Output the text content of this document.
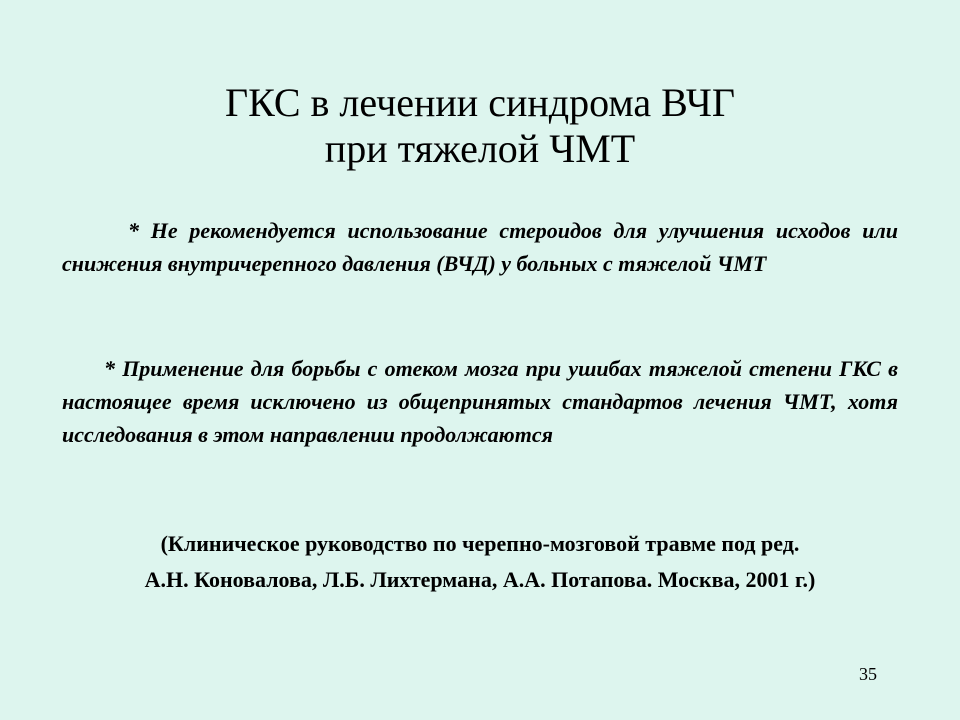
ГКС в лечении синдрома ВЧГ
при тяжелой ЧМТ

* Не рекомендуется использование стероидов для улучшения исходов или снижения внутричерепного давления (ВЧД) у больных с тяжелой ЧМТ

* Применение для борьбы с отеком мозга при ушибах тяжелой степени ГКС в настоящее время исключено из общепринятых стандартов лечения ЧМТ, хотя исследования в этом направлении продолжаются

(Клиническое руководство по черепно-мозговой травме под ред.
А.Н. Коновалова, Л.Б. Лихтермана, А.А. Потапова. Москва, 2001 г.)
35
